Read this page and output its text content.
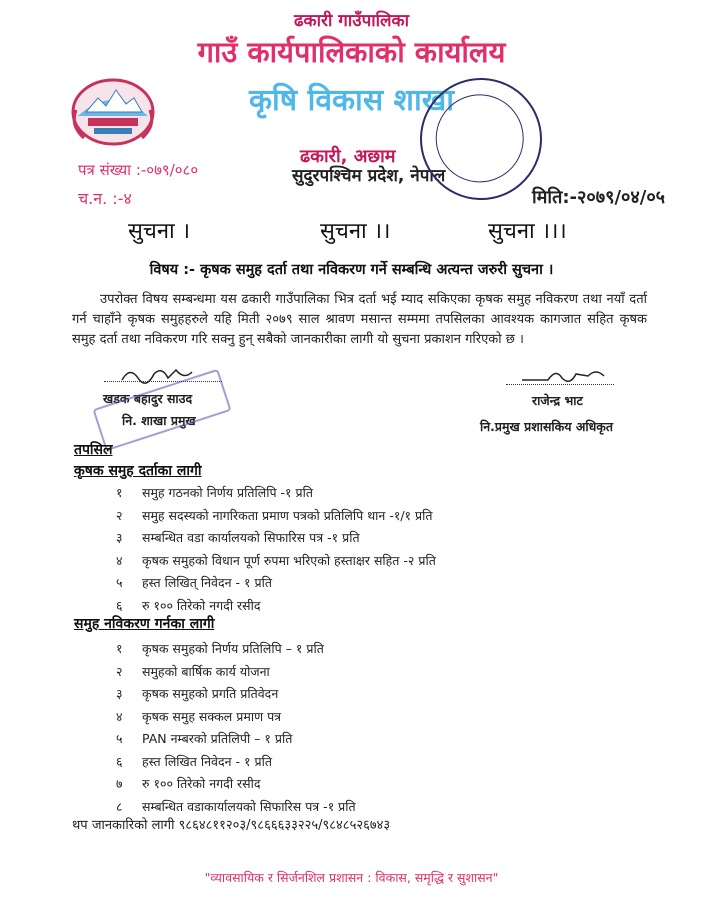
ढकारी गाउँपालिका
गाउँ कार्यपालिकाको कार्यालय
कृषि विकास शाखा
ढकारी, अछाम
सुदुरपश्चिम प्रदेश, नेपाल
पत्र संख्या :-०७९/०८०
च.न. :-४	मिति:-२०७९/०४/०५
सुचना ।	सुचना ।।	सुचना ।।।
विषय :- कृषक समुह दर्ता तथा नविकरण गर्ने सम्बन्धि अत्यन्त जरुरी सुचना ।
उपरोक्त विषय सम्बन्धमा यस ढकारी गाउँपालिका भित्र दर्ता भई म्याद सकिएका कृषक समुह नविकरण तथा नयाँ दर्ता गर्न चाहाँने कृषक समुहहरुले यहि मिती २०७९ साल श्रावण मसान्त सम्ममा तपसिलका आवश्यक कागजात सहित कृषक समुह दर्ता तथा नविकरण गरि सक्नु हुन् सबैको जानकारीका लागी यो सुचना प्रकाशन गरिएको छ ।
खडक बहादुर साउद
नि. शाखा प्रमुख
राजेन्द्र भाट
नि.प्रमुख प्रशासकिय अधिकृत
तपसिल
कृषक समुह दर्ताका लागी
१	समुह गठनको निर्णय प्रतिलिपि -१ प्रति
२	समुह सदस्यको नागरिकता प्रमाण पत्रको प्रतिलिपि थान -१/१ प्रति
३	सम्बन्धित वडा कार्यालयको सिफारिस पत्र -१ प्रति
४	कृषक समुहको विधान पूर्ण रुपमा भरिएको हस्ताक्षर सहित -२ प्रति
५	हस्त लिखित् निवेदन - १ प्रति
६	रु १०० तिरेको नगदी रसीद
समुह नविकरण गर्नका लागी
१	कृषक समुहको निर्णय प्रतिलिपि – १ प्रति
२	समुहको बार्षिक कार्य योजना
३	कृषक समुहको प्रगति प्रतिवेदन
४	कृषक समुह सक्कल प्रमाण पत्र
५	PAN नम्बरको प्रतिलिपी – १ प्रति
६	हस्त लिखित निवेदन - १ प्रति
७	रु १०० तिरेको नगदी रसीद
८	सम्बन्धित वडाकार्यालयको सिफारिस पत्र -१ प्रति
थप जानकारिको लागी ९८६४८११२०३/९८६६६३३२२५/९८४८५२६७४३
"व्यावसायिक र सिर्जनशिल प्रशासन : विकास, समृद्धि र सुशासन"
